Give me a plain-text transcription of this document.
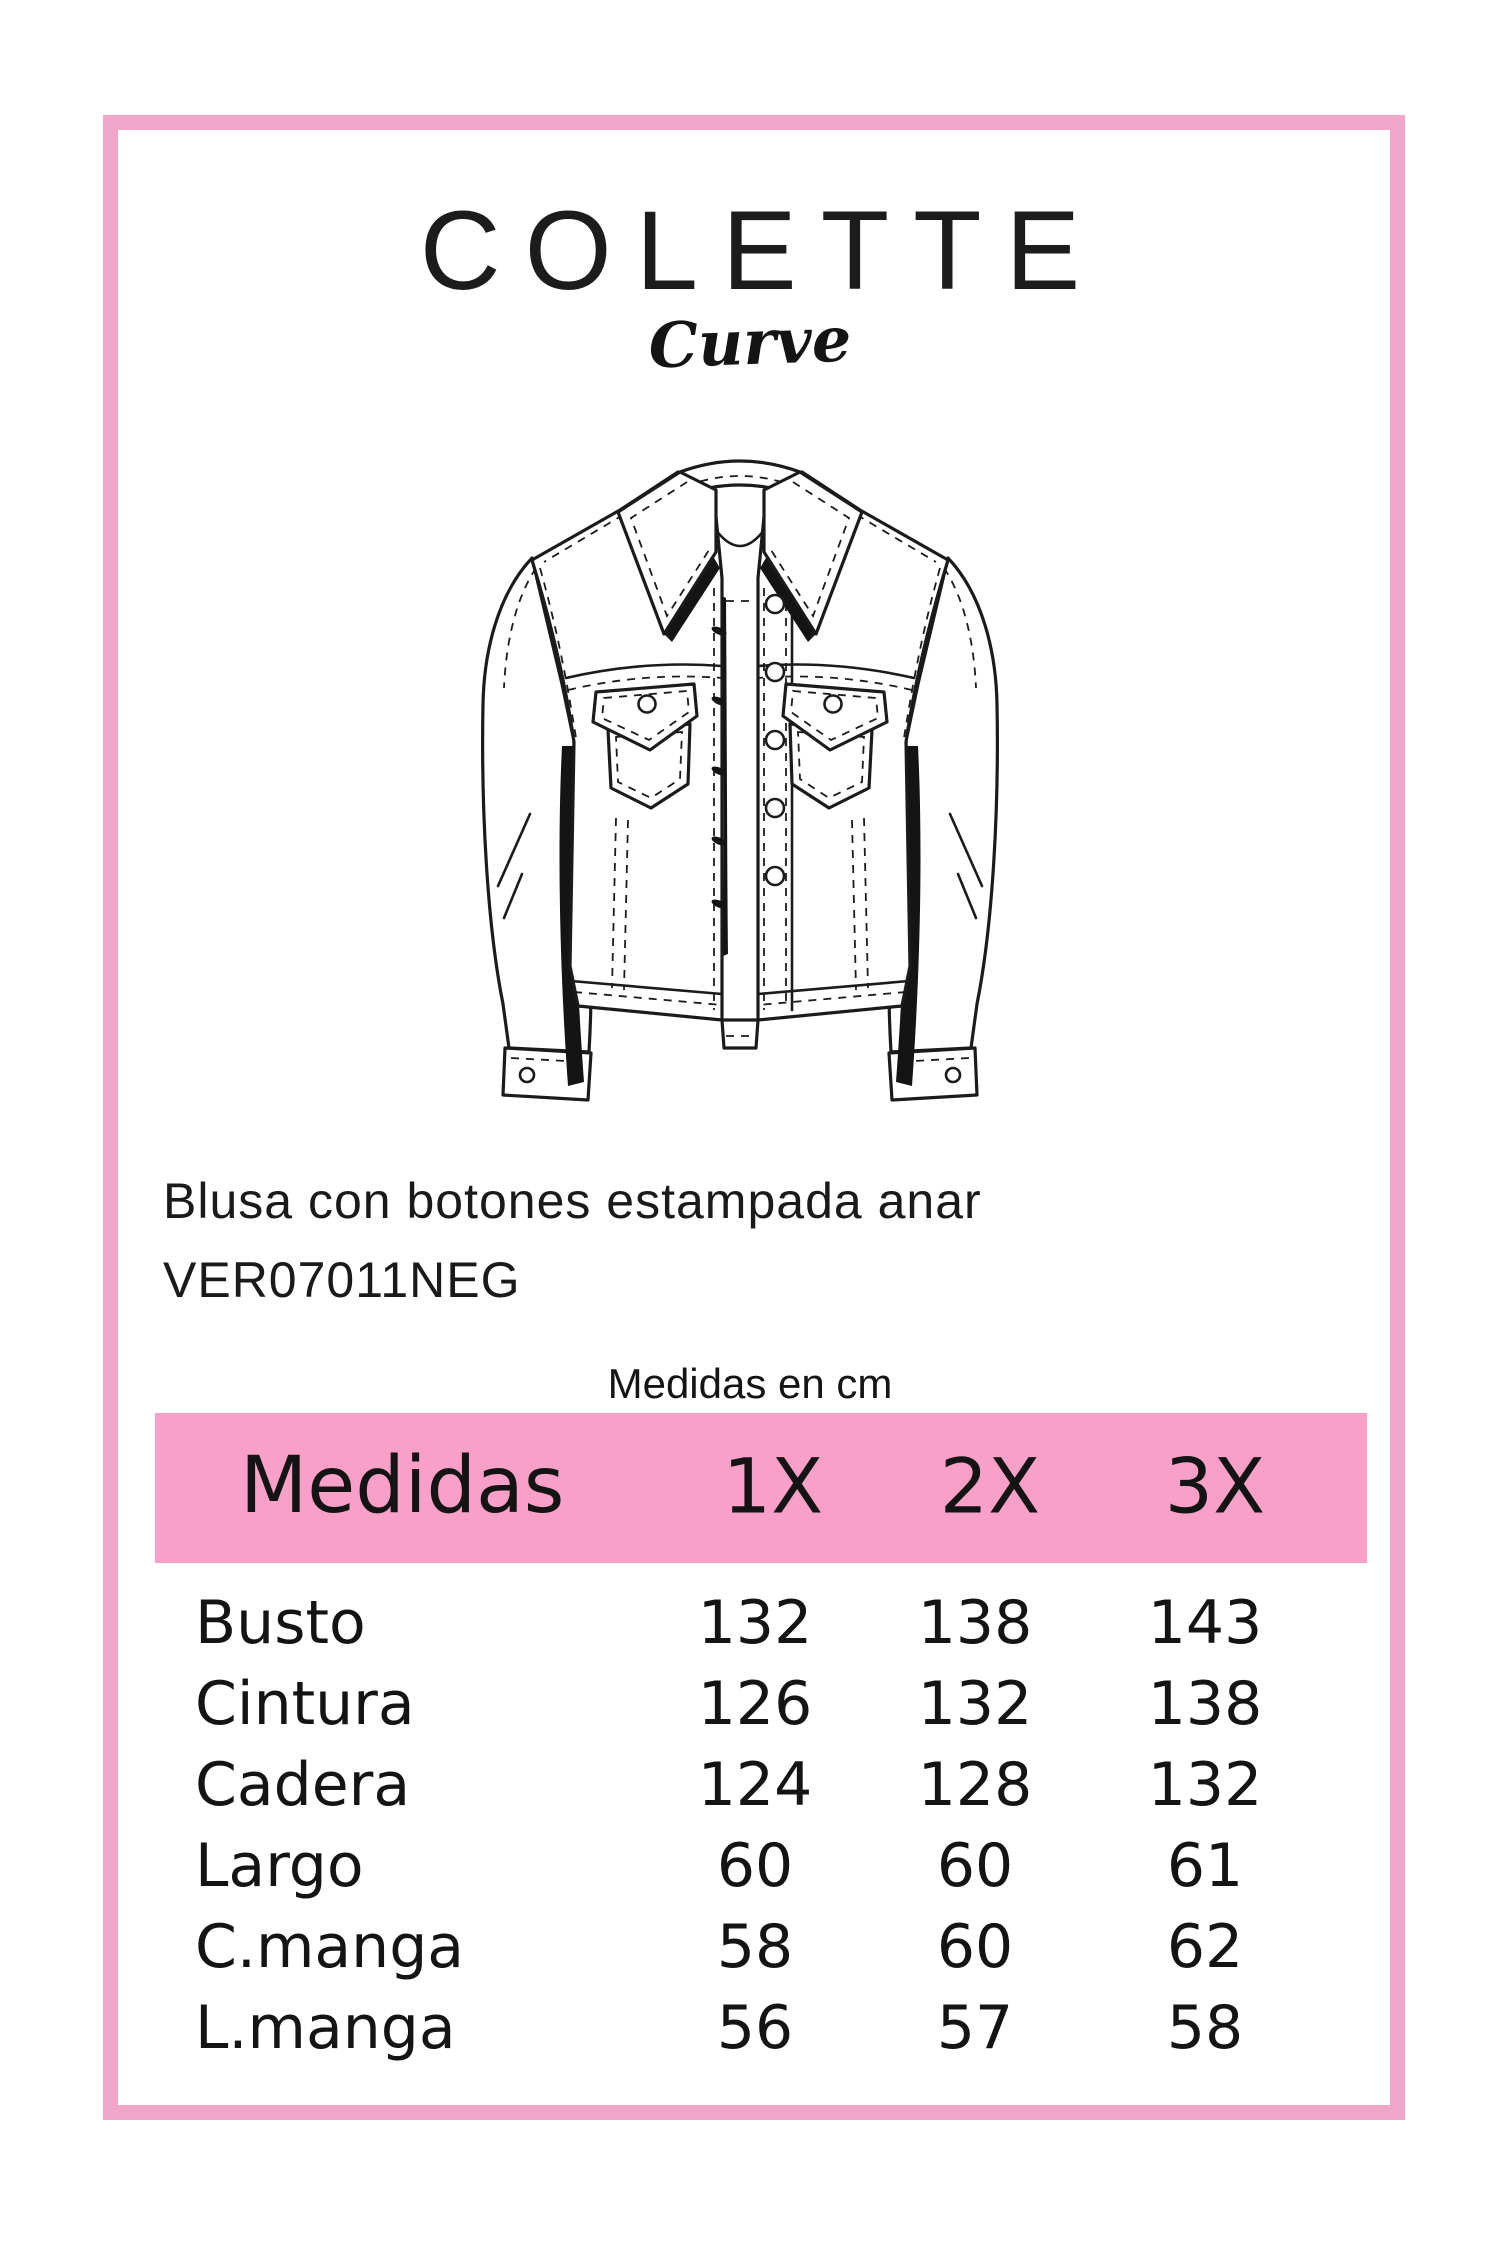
COLETTE
Curve
Blusa con botones estampada anar
VER07011NEG
Medidas en cm
Medidas 1X 2X 3X
Busto	132 138 143
Cintura	126 132 138
Cadera	124 128 132
Largo	60 60	61
C.manga	58 60	62
L.manga	56 57	58
